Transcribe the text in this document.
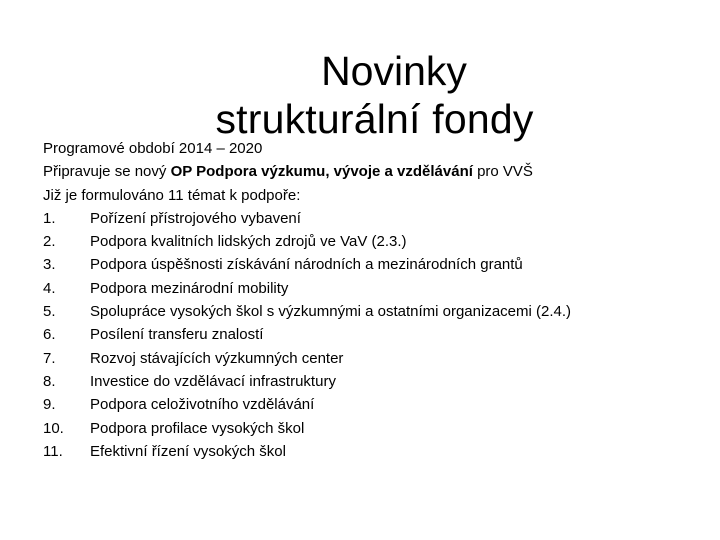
Novinky
strukturální fondy
Programové období 2014 – 2020
Připravuje se nový OP Podpora výzkumu, vývoje a vzdělávání pro VVŠ
Již je formulováno 11 témat k podpoře:
1. Pořízení přístrojového vybavení
2. Podpora kvalitních lidských zdrojů ve VaV (2.3.)
3. Podpora úspěšnosti získávání národních a mezinárodních grantů
4. Podpora mezinárodní mobility
5. Spolupráce vysokých škol s výzkumnými a ostatními organizacemi (2.4.)
6. Posílení transferu znalostí
7. Rozvoj stávajících výzkumných center
8. Investice do vzdělávací infrastruktury
9. Podpora celoživotního vzdělávání
10. Podpora profilace vysokých škol
11. Efektivní řízení vysokých škol
